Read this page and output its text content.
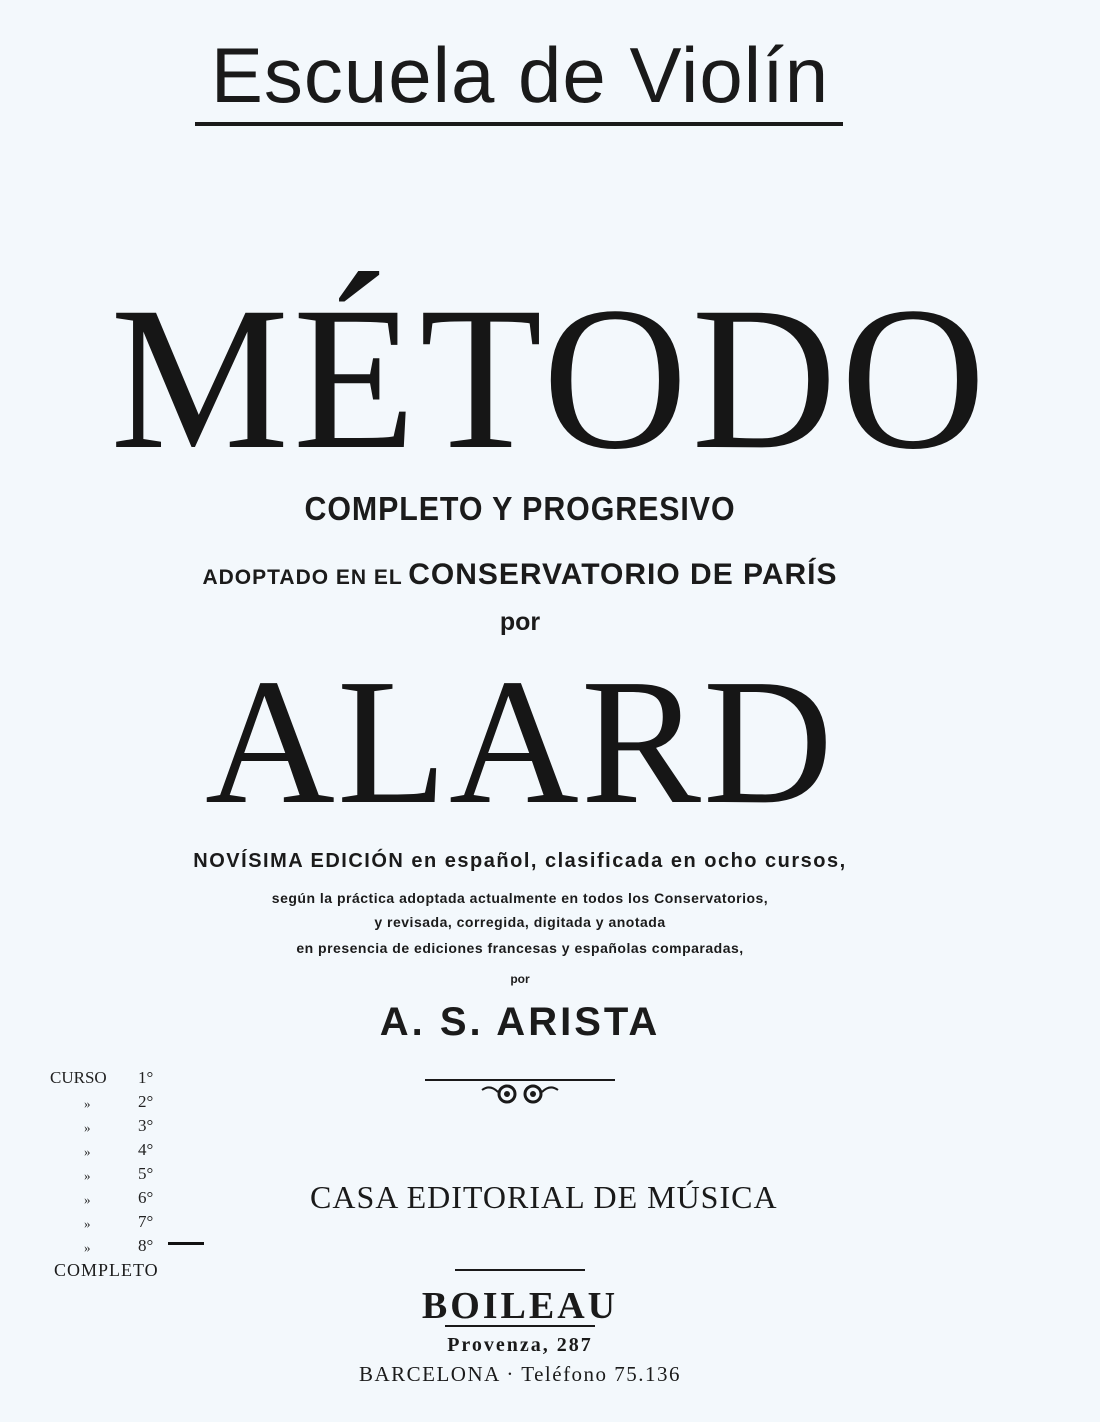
Escuela de Violín
MÉTODO
COMPLETO Y PROGRESIVO
ADOPTADO EN EL CONSERVATORIO DE PARÍS
por
ALARD
NOVÍSIMA EDICIÓN en español, clasificada en ocho cursos,
según la práctica adoptada actualmente en todos los Conservatorios,
y revisada, corregida, digitada y anotada
en presencia de ediciones francesas y españolas comparadas,
por
A. S. ARISTA
CURSO	1°
»	2°
»	3°
»	4°
»	5°
»	6°
»	7°
»	8°
COMPLETO
CASA EDITORIAL DE MÚSICA
BOILEAU
Provenza, 287
BARCELONA · Teléfono 75.136
